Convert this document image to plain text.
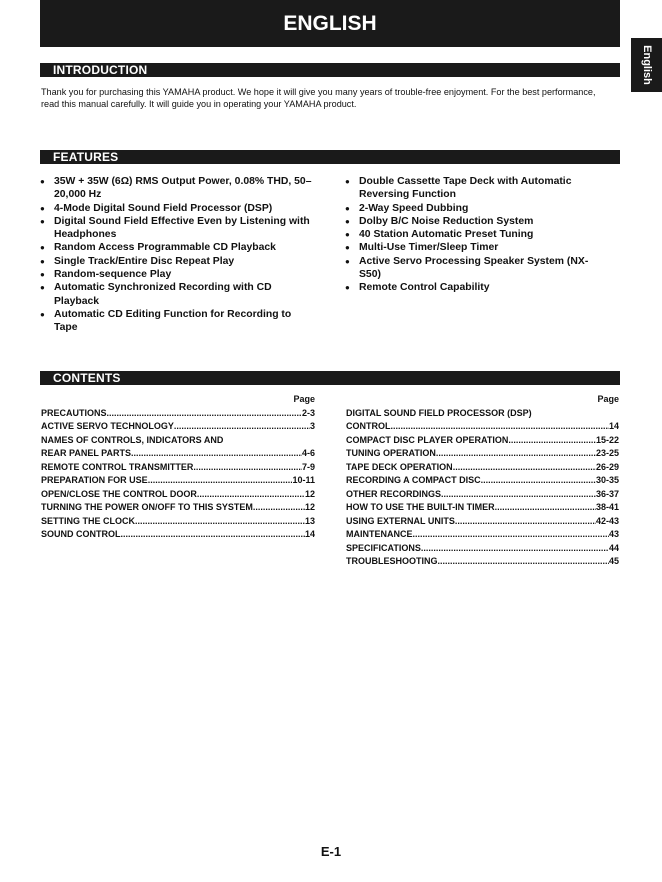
ENGLISH
English
INTRODUCTION
Thank you for purchasing this YAMAHA product. We hope it will give you many years of trouble-free enjoyment. For the best performance, read this manual carefully. It will guide you in operating your YAMAHA product.
FEATURES
● 35W + 35W (6Ω) RMS Output Power, 0.08% THD, 50–20,000 Hz
● 4-Mode Digital Sound Field Processor (DSP)
● Digital Sound Field Effective Even by Listening with Headphones
● Random Access Programmable CD Playback
● Single Track/Entire Disc Repeat Play
● Random-sequence Play
● Automatic Synchronized Recording with CD Playback
● Automatic CD Editing Function for Recording to Tape
● Double Cassette Tape Deck with Automatic Reversing Function
● 2-Way Speed Dubbing
● Dolby B/C Noise Reduction System
● 40 Station Automatic Preset Tuning
● Multi-Use Timer/Sleep Timer
● Active Servo Processing Speaker System (NX-S50)
● Remote Control Capability
CONTENTS
Page
PRECAUTIONS .....	2-3
ACTIVE SERVO TECHNOLOGY .....	3
NAMES OF CONTROLS, INDICATORS AND
REAR PANEL PARTS .....	4-6
REMOTE CONTROL TRANSMITTER .....	7-9
PREPARATION FOR USE .....	10-11
OPEN/CLOSE THE CONTROL DOOR .....	12
TURNING THE POWER ON/OFF TO THIS SYSTEM .....	12
SETTING THE CLOCK .....	13
SOUND CONTROL .....	14
Page
DIGITAL SOUND FIELD PROCESSOR (DSP)
CONTROL .....	14
COMPACT DISC PLAYER OPERATION .....	15-22
TUNING OPERATION .....	23-25
TAPE DECK OPERATION .....	26-29
RECORDING A COMPACT DISC .....	30-35
OTHER RECORDINGS .....	36-37
HOW TO USE THE BUILT-IN TIMER .....	38-41
USING EXTERNAL UNITS .....	42-43
MAINTENANCE .....	43
SPECIFICATIONS .....	44
TROUBLESHOOTING .....	45
E-1
